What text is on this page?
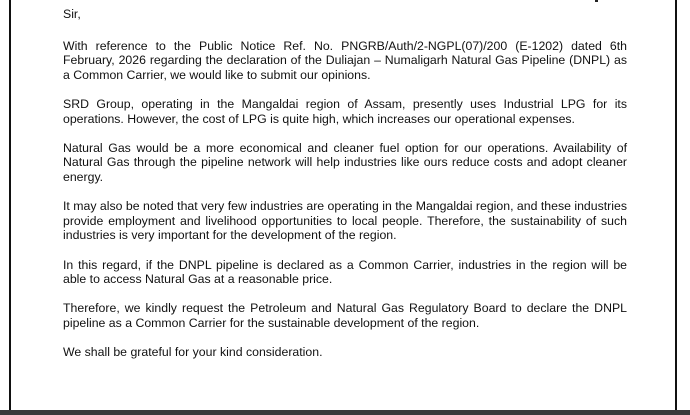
Sir,

With reference to the Public Notice Ref. No. PNGRB/Auth/2-NGPL(07)/200 (E-1202) dated 6th February, 2026 regarding the declaration of the Duliajan – Numaligarh Natural Gas Pipeline (DNPL) as a Common Carrier, we would like to submit our opinions.

SRD Group, operating in the Mangaldai region of Assam, presently uses Industrial LPG for its operations. However, the cost of LPG is quite high, which increases our operational expenses.

Natural Gas would be a more economical and cleaner fuel option for our operations. Availability of Natural Gas through the pipeline network will help industries like ours reduce costs and adopt cleaner energy.

It may also be noted that very few industries are operating in the Mangaldai region, and these industries provide employment and livelihood opportunities to local people. Therefore, the sustainability of such industries is very important for the development of the region.

In this regard, if the DNPL pipeline is declared as a Common Carrier, industries in the region will be able to access Natural Gas at a reasonable price.

Therefore, we kindly request the Petroleum and Natural Gas Regulatory Board to declare the DNPL pipeline as a Common Carrier for the sustainable development of the region.

We shall be grateful for your kind consideration.
